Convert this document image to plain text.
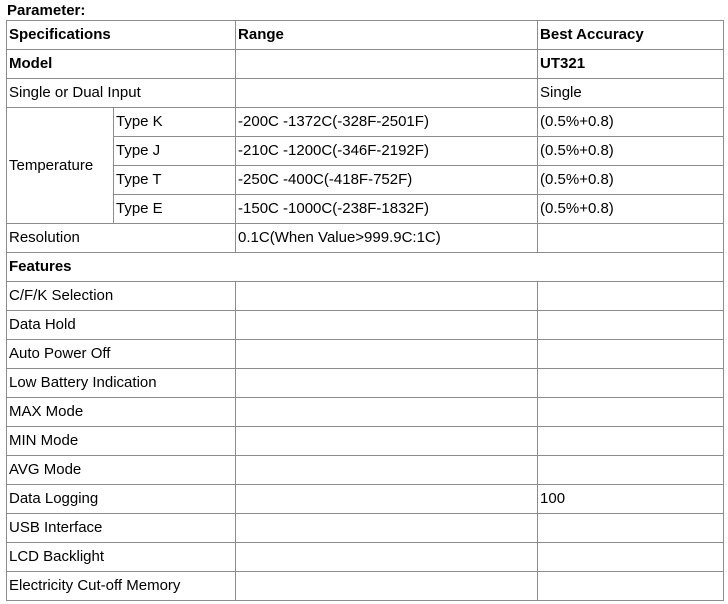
Parameter:
Specifications		Range	Best Accuracy
Model			UT321
Single or Dual Input			Single
Temperature	Type K	-200C -1372C(-328F-2501F)	(0.5%+0.8)
	Type J	-210C -1200C(-346F-2192F)	(0.5%+0.8)
	Type T	-250C -400C(-418F-752F)	(0.5%+0.8)
	Type E	-150C -1000C(-238F-1832F)	(0.5%+0.8)
Resolution		0.1C(When Value>999.9C:1C)	
Features			
C/F/K Selection			
Data Hold			
Auto Power Off			
Low Battery Indication			
MAX Mode			
MIN Mode			
AVG Mode			
Data Logging			100
USB Interface			
LCD Backlight			
Electricity Cut-off Memory			
